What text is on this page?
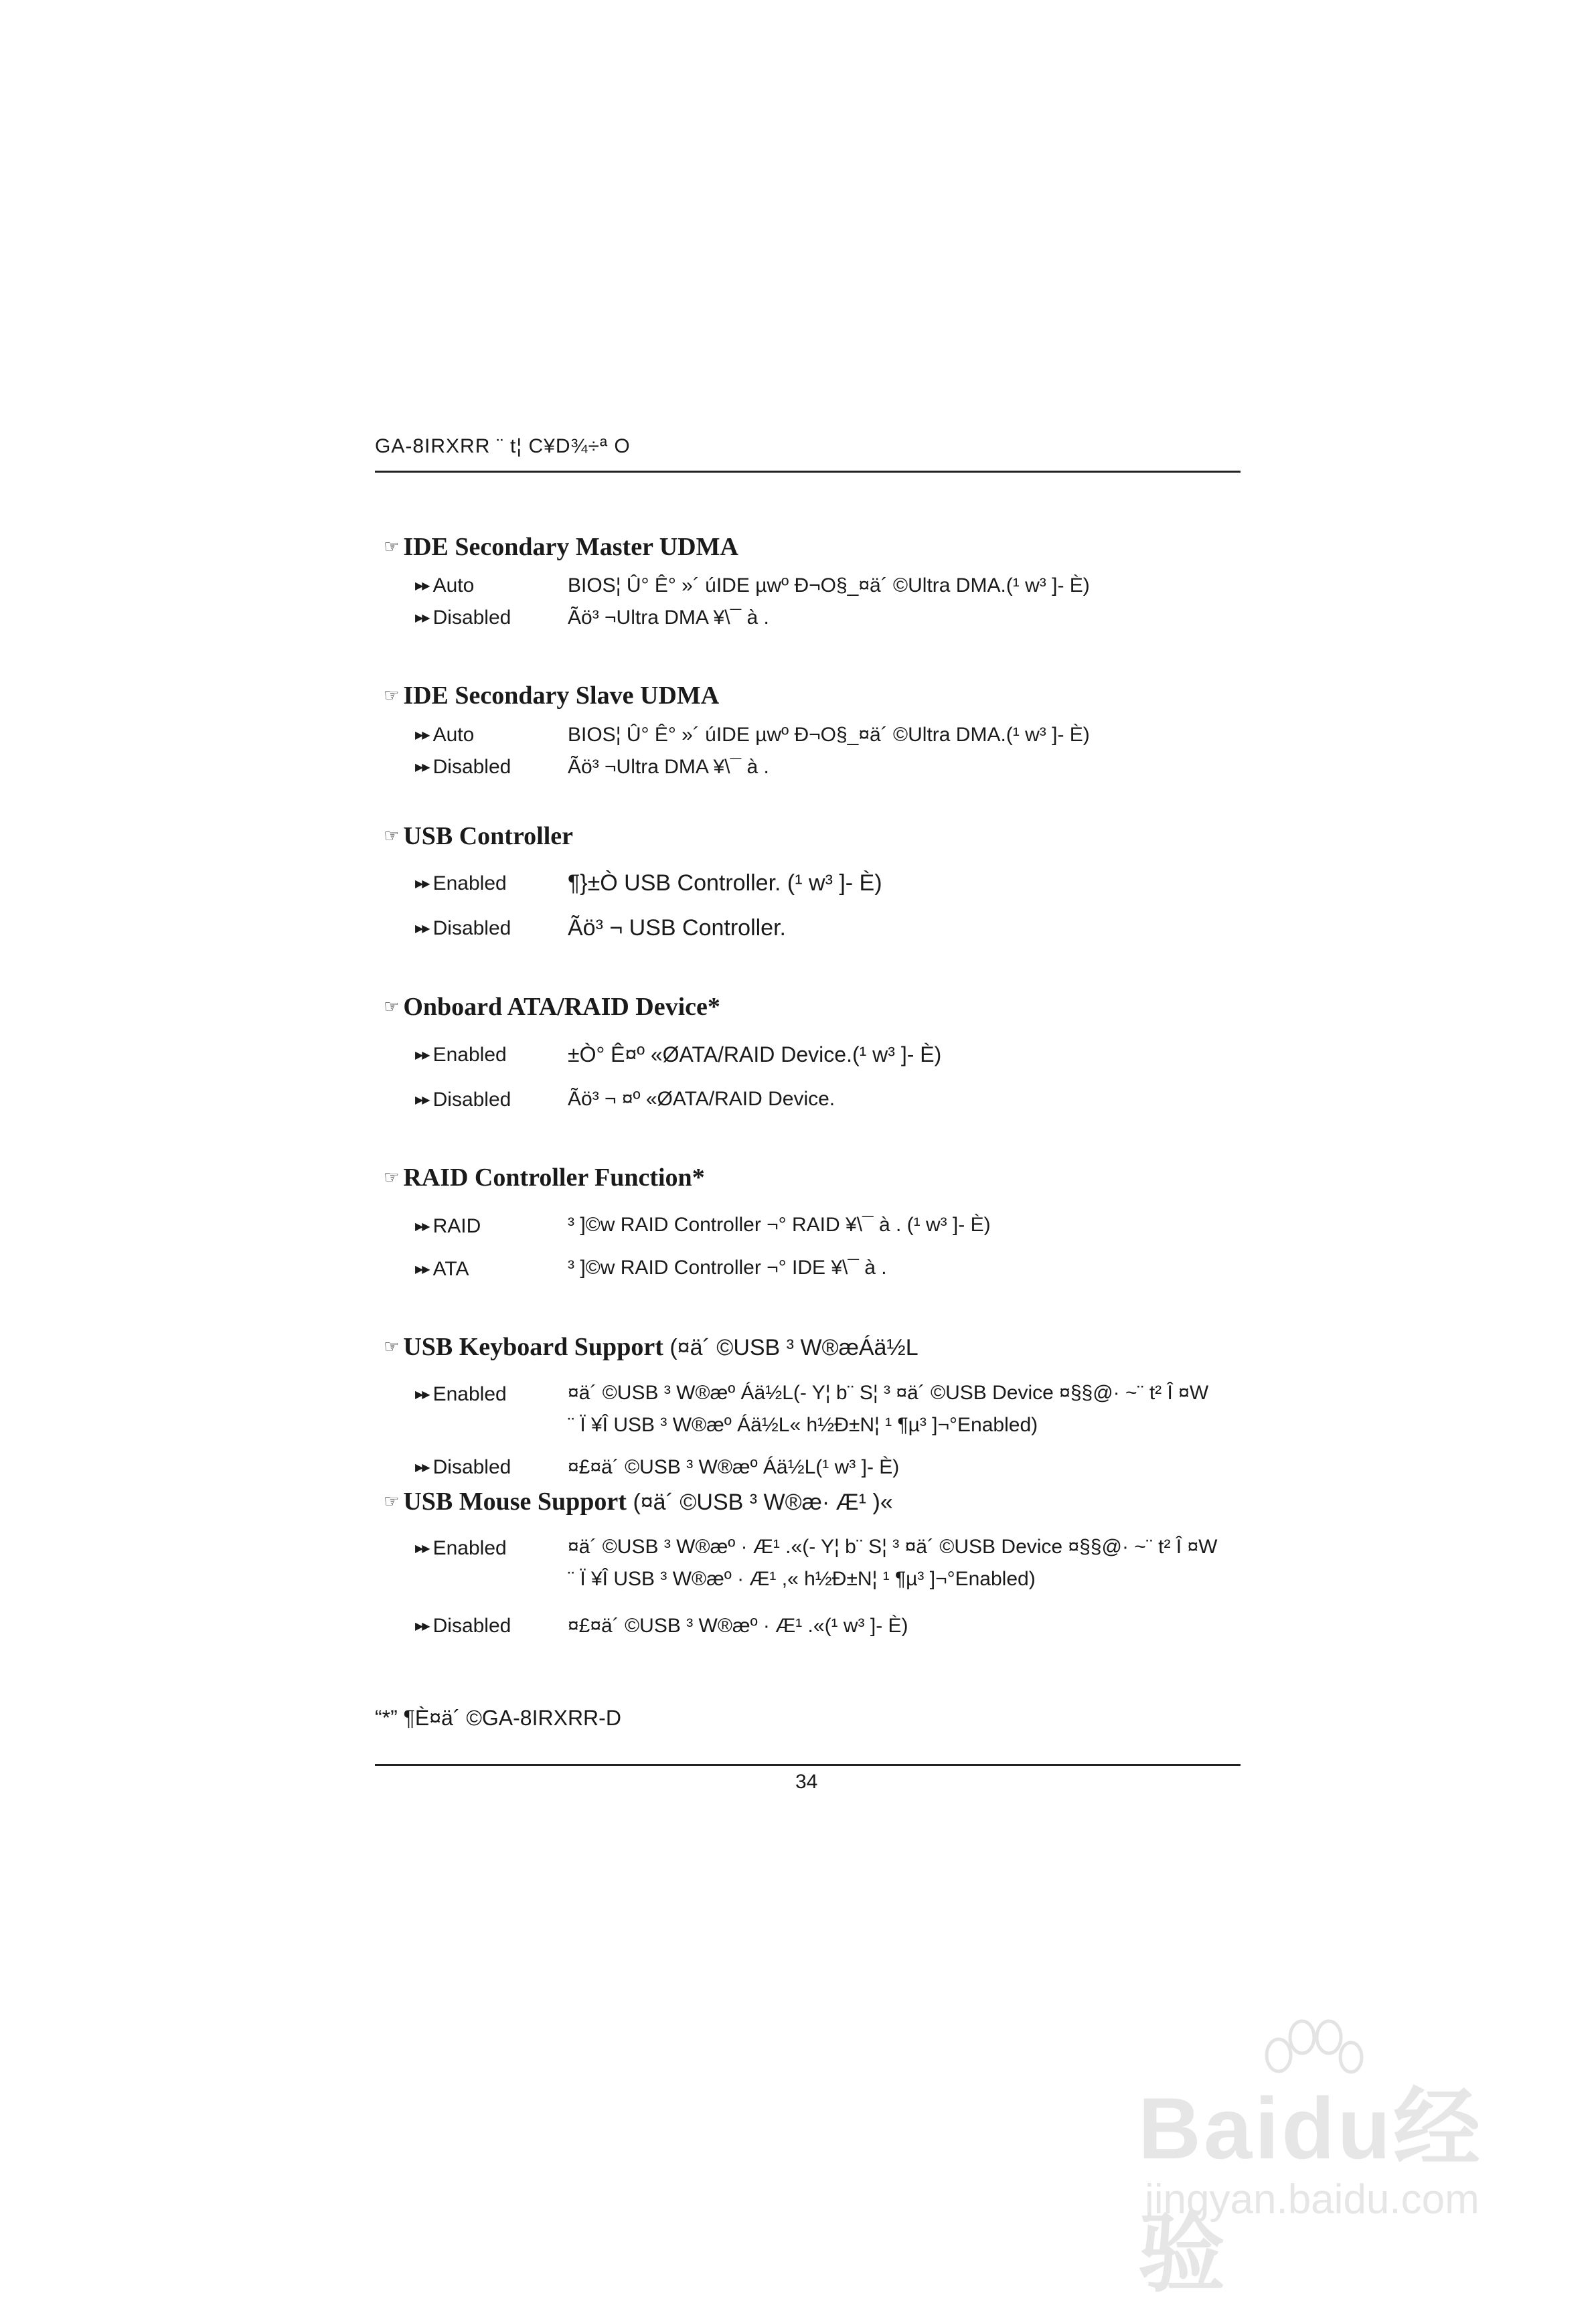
GA-8IRXRR ¨ t¦ C¥D¾÷ª O
☞ IDE Secondary Master UDMA
▶▶ Auto	BIOS¦ Û° Ê° »´ úIDE µwº Ð¬O§_¤ä´ ©Ultra DMA.(¹ w³ ]- È)
▶▶ Disabled	Ãö³ ¬Ultra DMA ¥\¯ à .
☞ IDE Secondary Slave UDMA
▶▶ Auto	BIOS¦ Û° Ê° »´ úIDE µwº Ð¬O§_¤ä´ ©Ultra DMA.(¹ w³ ]- È)
▶▶ Disabled	Ãö³ ¬Ultra DMA ¥\¯ à .
☞ USB Controller
▶▶ Enabled	¶}±Ò USB Controller. (¹ w³ ]- È)
▶▶ Disabled Ãö³ ¬ USB Controller.
☞ Onboard ATA/RAID Device*
▶▶ Enabled	±Ò° Ê¤º «ØATA/RAID Device.(¹ w³ ]- È)
▶▶ Disabled	Ãö³ ¬ ¤º «ØATA/RAID Device.
☞ RAID Controller Function*
▶▶ RAID	³ ]©w RAID Controller ¬° RAID ¥\¯ à . (¹ w³ ]- È)
▶▶ ATA	³ ]©w RAID Controller ¬° IDE ¥\¯ à .
☞ USB Keyboard Support (¤ä´ ©USB ³ W®æÁä½L
▶▶ Enabled	¤ä´ ©USB ³ W®æº Áä½L(- Y¦ b¨ S¦ ³ ¤ä´ ©USB Device ¤§§@· ~¨ t² Î ¤W
¨ Ï ¥Î USB ³ W®æº Áä½L« h½Ð±N¦ ¹ ¶µ³ ]¬°Enabled)
▶▶ Disabled	¤£¤ä´ ©USB ³ W®æº Áä½L(¹ w³ ]- È)
☞ USB Mouse Support (¤ä´ ©USB ³ W®æ· Æ¹ )«
▶▶ Enabled	¤ä´ ©USB ³ W®æº · Æ¹ .«(- Y¦ b¨ S¦ ³ ¤ä´ ©USB Device ¤§§@· ~¨ t² Î ¤W
¨ Ï ¥Î USB ³ W®æº · Æ¹ ,« h½Ð±N¦ ¹ ¶µ³ ]¬°Enabled)
▶▶ Disabled	¤£¤ä´ ©USB ³ W®æº · Æ¹ .«(¹ w³ ]- È)
“*” ¶È¤ä´ ©GA-8IRXRR-D
34
Baidu经验
jingyan.baidu.com
